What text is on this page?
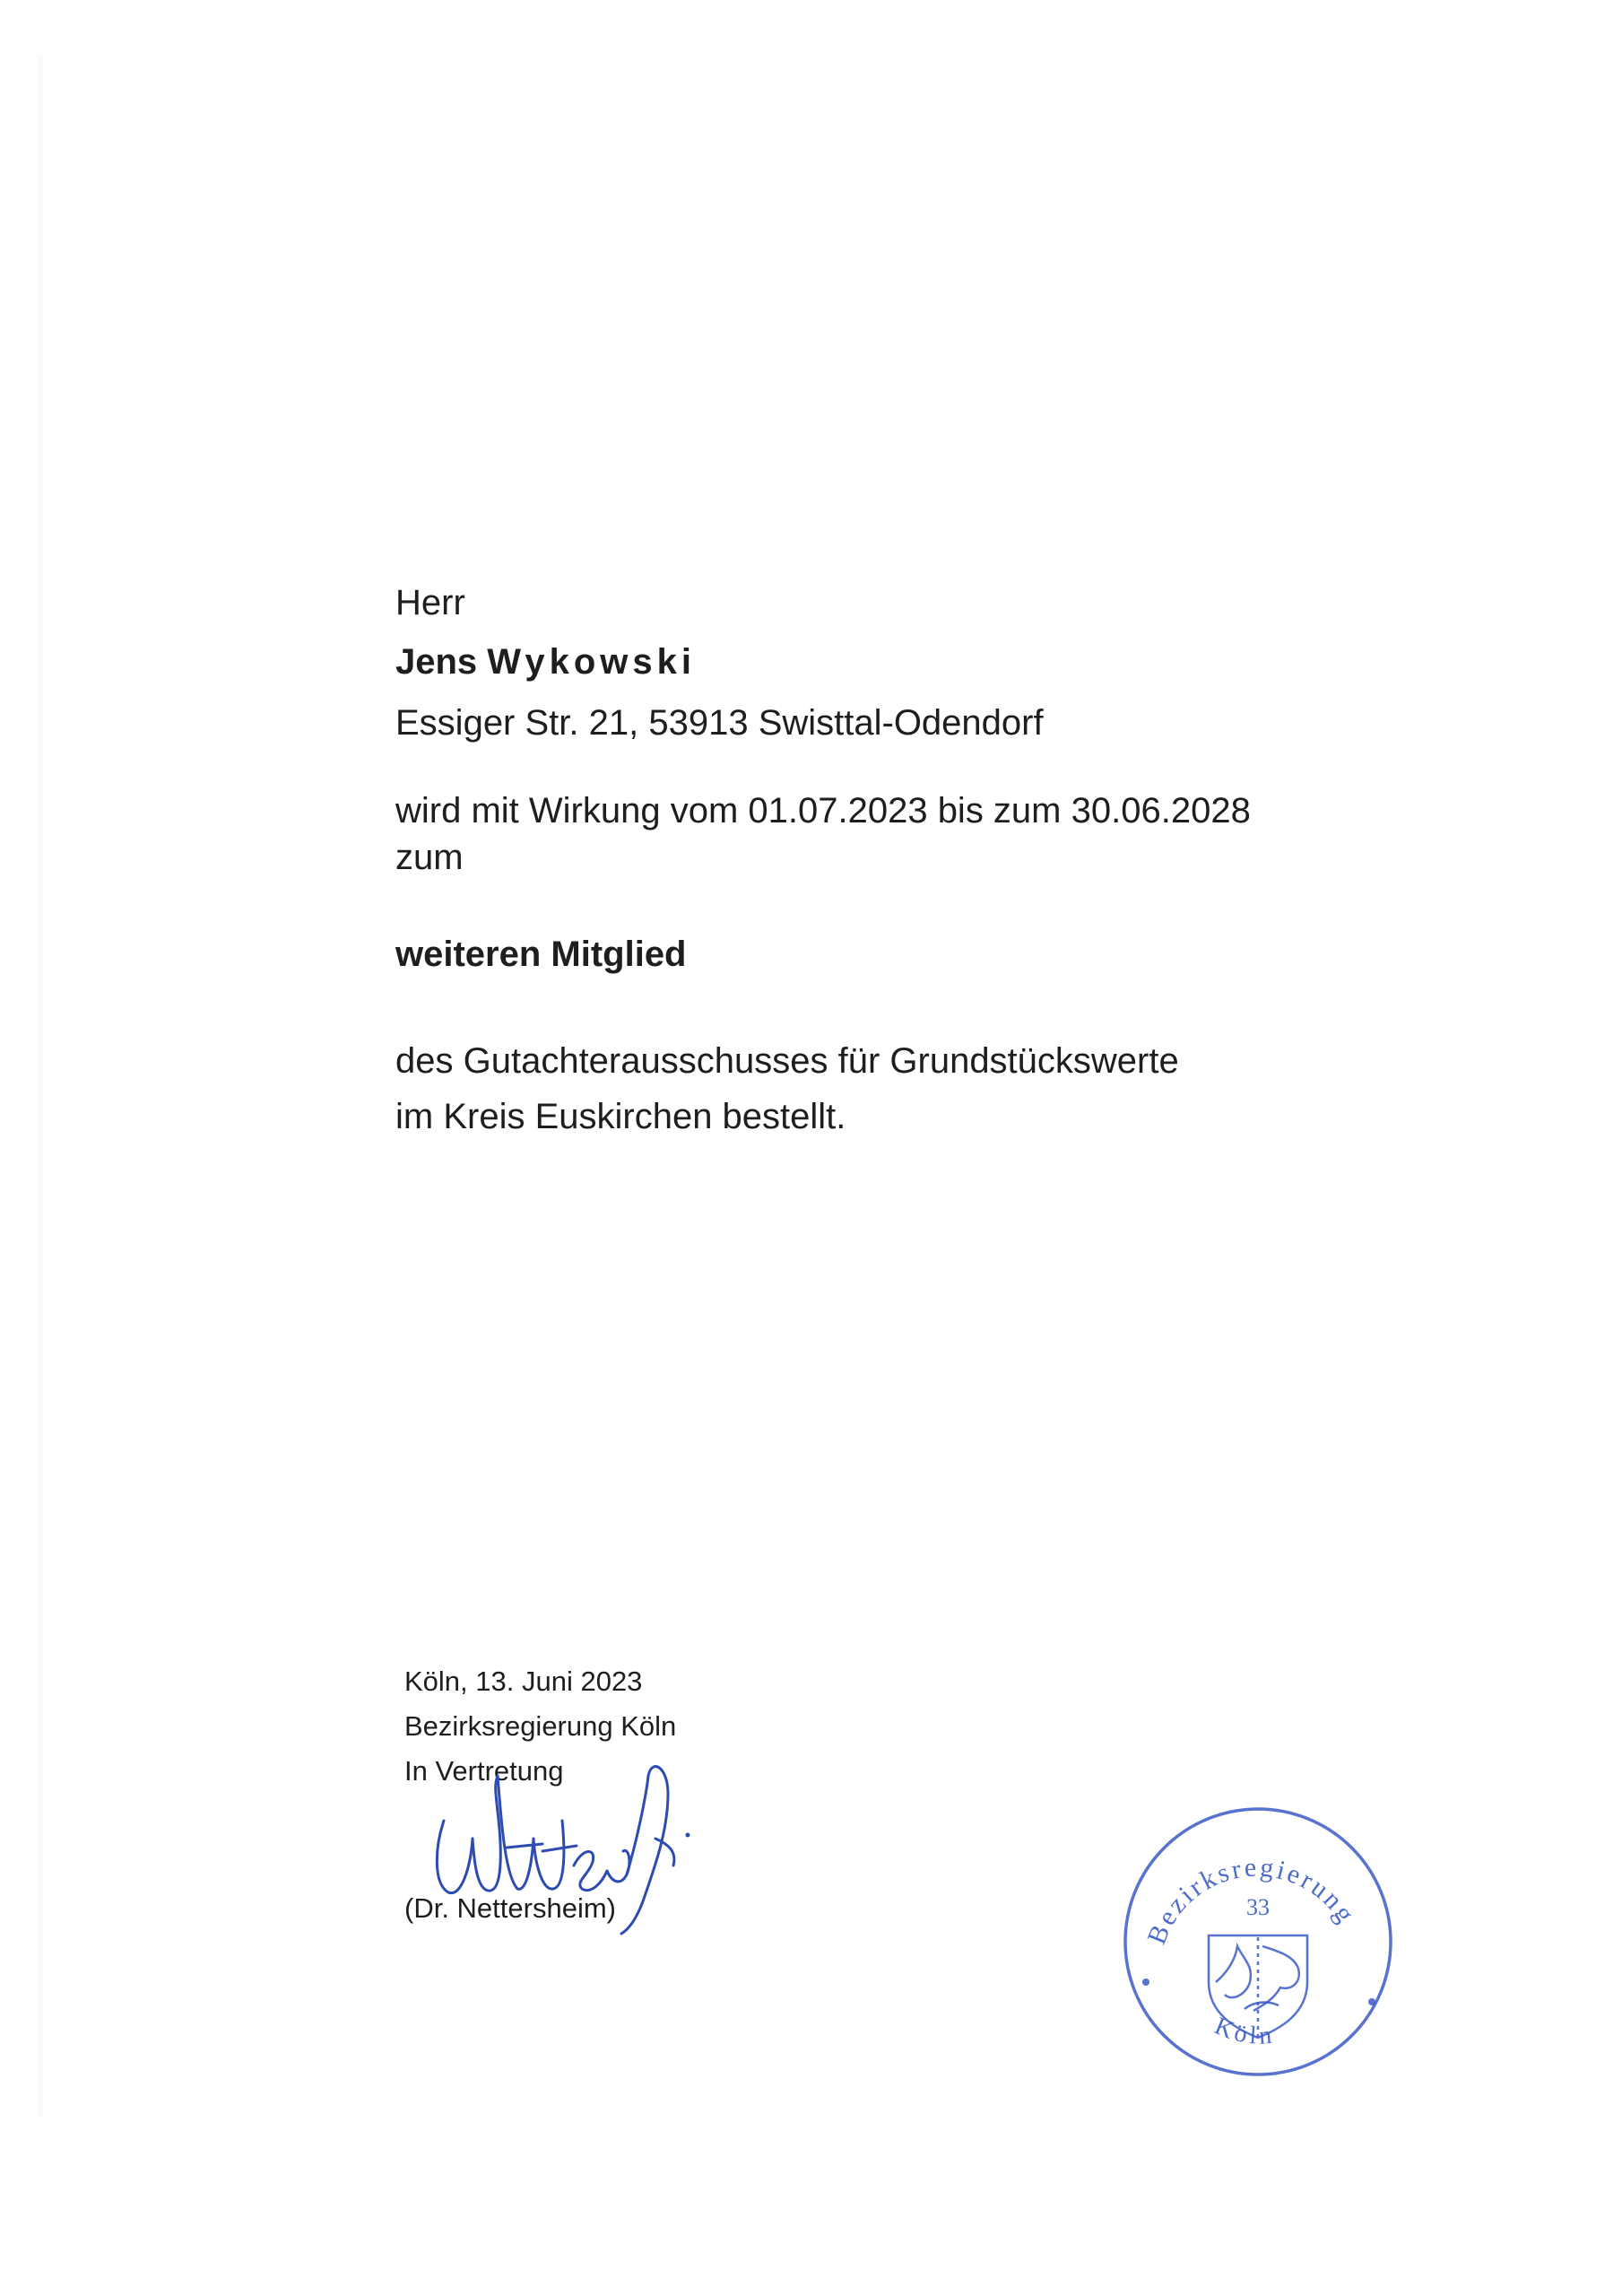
Herr
Jens Wykowski
Essiger Str. 21, 53913 Swisttal-Odendorf
wird mit Wirkung vom 01.07.2023 bis zum 30.06.2028
zum
weiteren Mitglied
des Gutachterausschusses für Grundstückswerte
im Kreis Euskirchen bestellt.
Köln, 13. Juni 2023
Bezirksregierung Köln
In Vertretung
(Dr. Nettersheim)
Bezirksregierung
33
Köln
